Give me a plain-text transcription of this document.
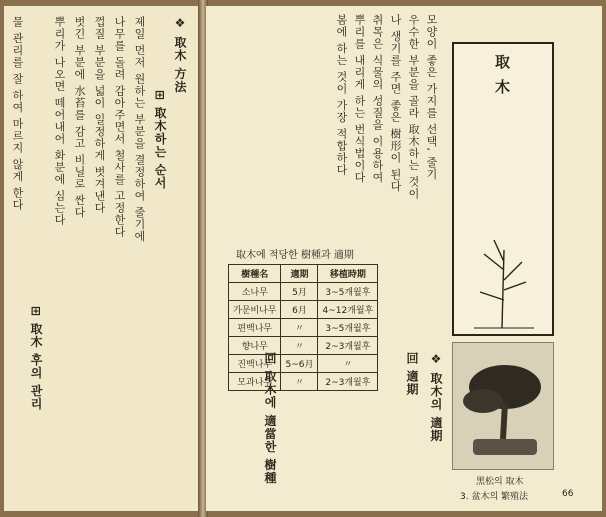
❖ 取木 方法
⊞ 取木하는 순서
제일 먼저 원하는 부분을 결정하여 줄기에
나무를 돌려 감아주면서 철사를 고정한다
껍질 부분을 넓이 일정하게 벗겨낸다
벗긴 부분에 水苔를 감고 비닐로 싼다
뿌리가 나오면 떼어내어 화분에 심는다
⊞ 取木 후의 관리
물 관리를 잘 하여 마르지 않게 한다	取木
모양이 좋은 가지를 선택, 줄기
우수한 부분을 골라 取木하는 것이
나 생기를 주면 좋은 樹形이 된다
취목은 식물의 성질을 이용하여
뿌리를 내리게 하는 번식법이다
봄에 하는 것이 가장 적합하다
❖ 取木의 適期
回 適期
回 取木에 適當한 樹種
取木에 적당한 樹種과 適期
樹種名	適期	移植時期
소나무	5月	3~5개월후
가문비나무	6月	4~12개월후
편백나무	〃	3~5개월후
향나무	〃	2~3개월후
진백나무	5~6月	〃
모과나무	〃	2~3개월후
黑松의 取木
3. 盆木의 繁殖法	66
